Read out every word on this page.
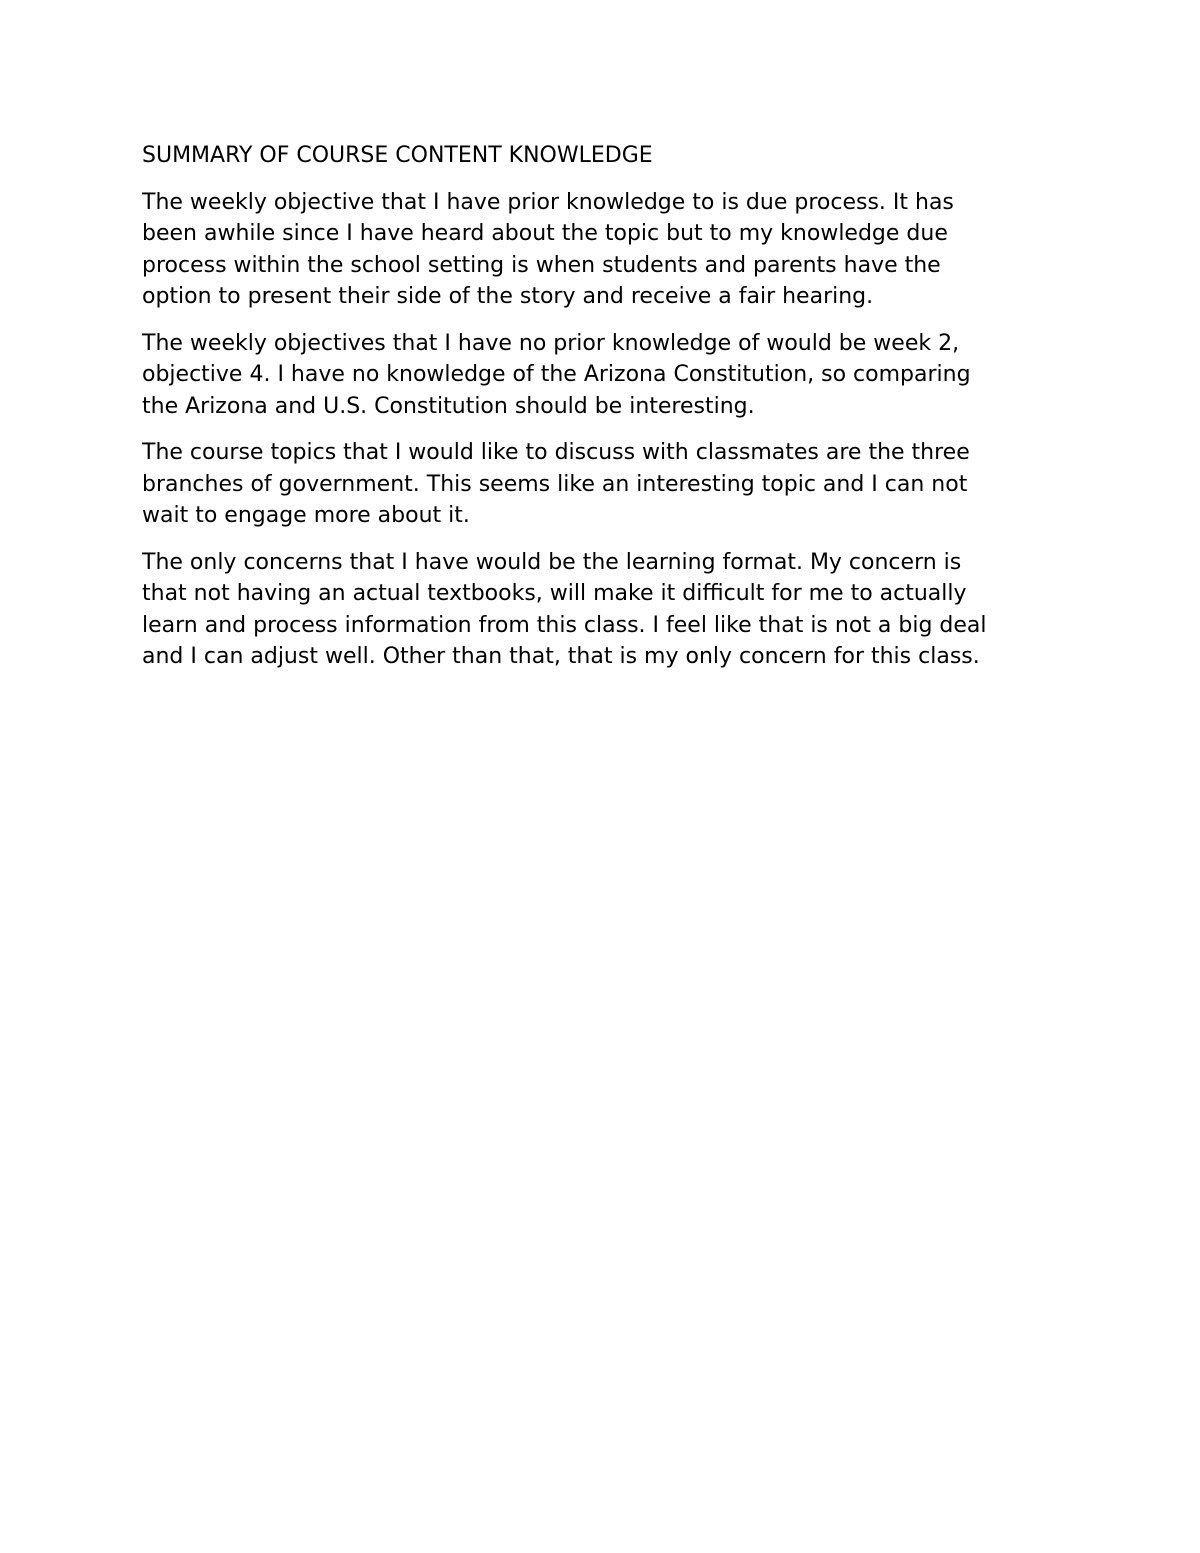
SUMMARY OF COURSE CONTENT KNOWLEDGE
The weekly objective that I have prior knowledge to is due process. It has
been awhile since I have heard about the topic but to my knowledge due
process within the school setting is when students and parents have the
option to present their side of the story and receive a fair hearing.
The weekly objectives that I have no prior knowledge of would be week 2,
objective 4. I have no knowledge of the Arizona Constitution, so comparing
the Arizona and U.S. Constitution should be interesting.
The course topics that I would like to discuss with classmates are the three
branches of government. This seems like an interesting topic and I can not
wait to engage more about it.
The only concerns that I have would be the learning format. My concern is
that not having an actual textbooks, will make it difficult for me to actually
learn and process information from this class. I feel like that is not a big deal
and I can adjust well. Other than that, that is my only concern for this class.
